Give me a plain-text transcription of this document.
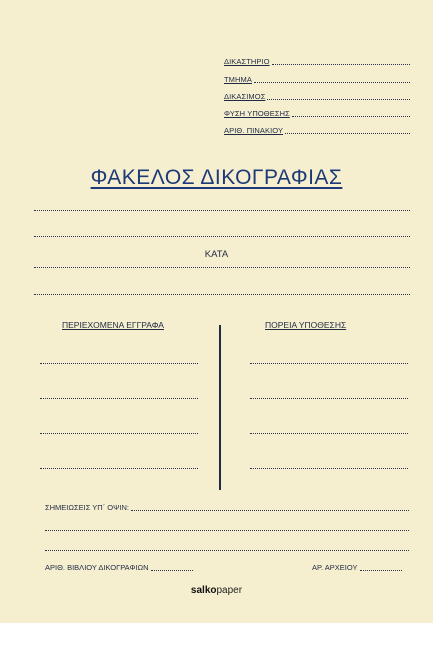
ΔΙΚΑΣΤΗΡΙΟ
ΤΜΗΜΑ
ΔΙΚΑΣΙΜΟΣ
ΦΥΣΗ ΥΠΟΘΕΣΗΣ
ΑΡΙΘ. ΠΙΝΑΚΙΟΥ
ΦΑΚΕΛΟΣ ΔΙΚΟΓΡΑΦΙΑΣ
ΚΑΤΑ
ΠΕΡΙΕΧΟΜΕΝΑ ΕΓΓΡΑΦΑ	ΠΟΡΕΙΑ ΥΠΟΘΕΣΗΣ
ΣΗΜΕΙΩΣΕΙΣ ΥΠ΄ ΟΨΙΝ:
ΑΡΙΘ. ΒΙΒΛΙΟΥ ΔΙΚΟΓΡΑΦΙΩΝ	ΑΡ. ΑΡΧΕΙΟΥ
salkopaper
